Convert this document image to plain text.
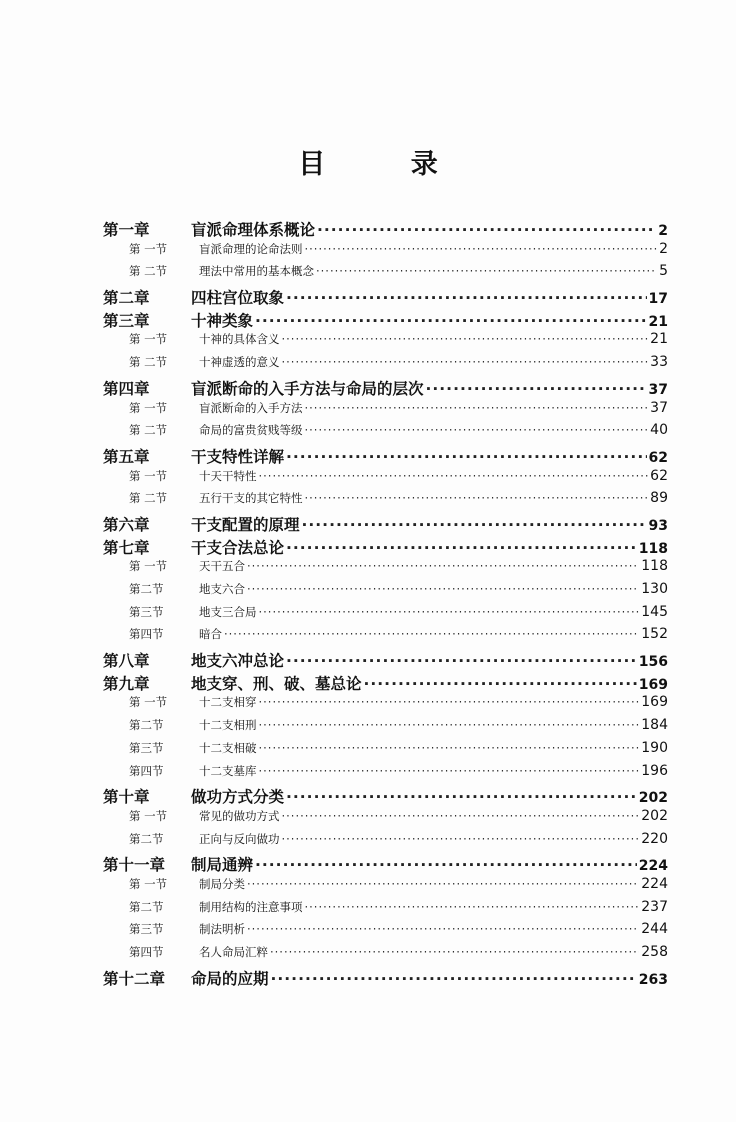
目 录
第一章	盲派命理体系概论 ·····	2
第 一节	盲派命理的论命法则 ·····	2
第 二节	理法中常用的基本概念 ·····	5
第二章	四柱宫位取象 ·····	17
第三章	十神类象 ·····	21
第 一节	十神的具体含义 ·····	21
第 二节	十神虚透的意义 ·····	33
第四章	盲派断命的入手方法与命局的层次 ·····	37
第 一节	盲派断命的入手方法 ·····	37
第 二节	命局的富贵贫贱等级 ·····	40
第五章	干支特性详解 ·····	62
第 一节	十天干特性 ·····	62
第 二节	五行干支的其它特性 ·····	89
第六章	干支配置的原理 ·····	93
第七章	干支合法总论 ·····	118
第 一节	天干五合 ·····	118
第二节	地支六合 ·····	130
第三节	地支三合局 ·····	145
第四节	暗合 ·····	152
第八章	地支六冲总论 ·····	156
第九章	地支穿、刑、破、墓总论 ·····	169
第 一节	十二支相穿 ·····	169
第二节	十二支相刑 ·····	184
第三节	十二支相破 ·····	190
第四节	十二支墓库 ·····	196
第十章	做功方式分类 ·····	202
第 一节	常见的做功方式 ·····	202
第二节	正向与反向做功 ·····	220
第十一章	制局通辨 ·····	224
第 一节	制局分类 ·····	224
第二节	制用结构的注意事项 ·····	237
第三节	制法明析 ·····	244
第四节	名人命局汇粹 ·····	258
第十二章	命局的应期 ·····	263
